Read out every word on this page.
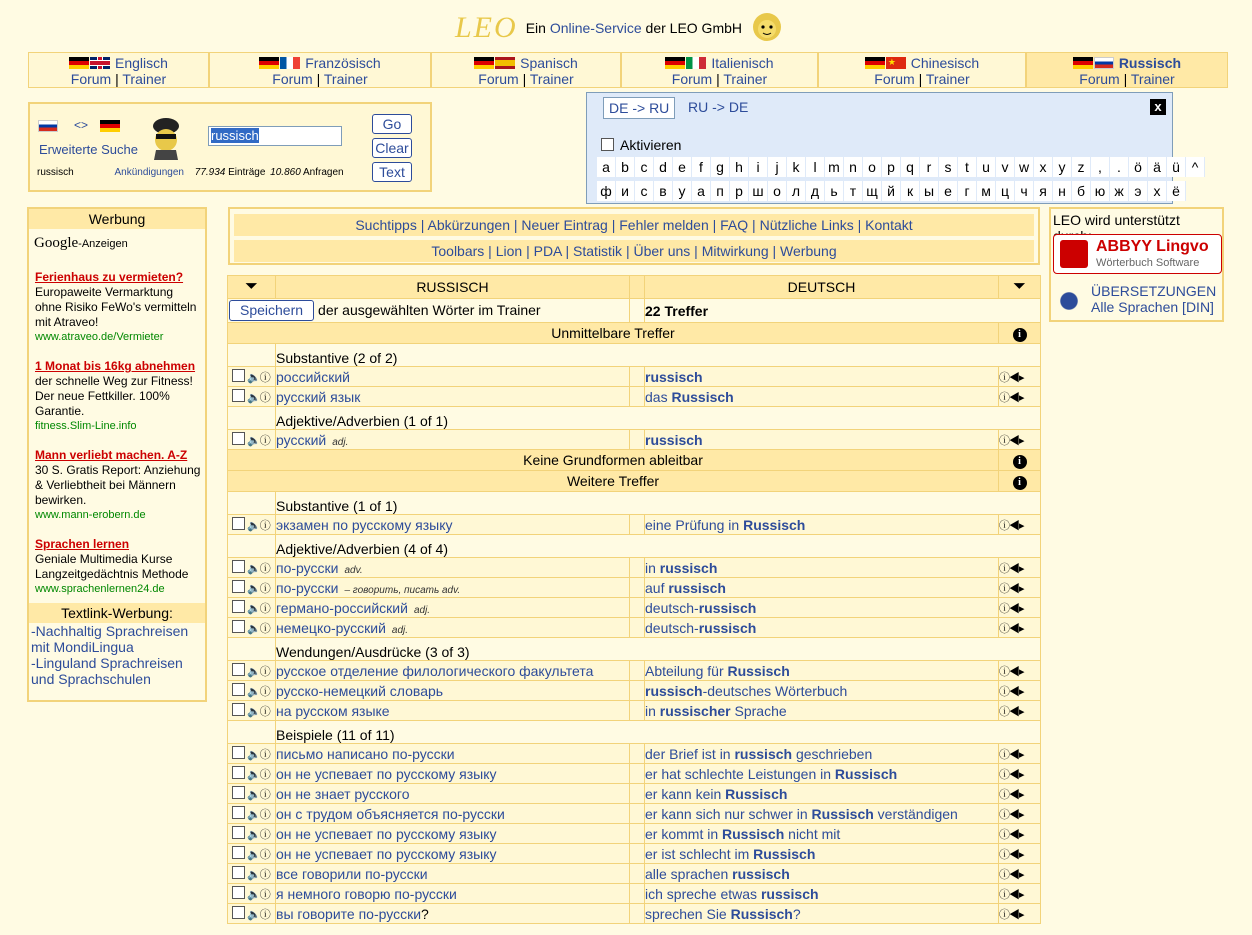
LEO Ein Online-Service der LEO GmbH
Englisch
Forum | Trainer
Französisch
Forum | Trainer
Spanisch
Forum | Trainer
Italienisch
Forum | Trainer
★ Chinesisch
Forum | Trainer
Russisch
Forum | Trainer
<>
Erweiterte Suche
russisch
Go
Clear
Text
russisch	Ankündigungen 77.934 Einträge 10.860 Anfragen
DE -> RU	RU -> DE	x
Aktivieren
a b c d e f g h i	j k l m n o p q r s t u v w x y z ,	. ö ä ü ^
ф и с в у а п р ш о л д ь т щ й к ы е г м ц ч я н б ю ж э х ё
Werbung
Google-Anzeigen
Ferienhaus zu vermieten?
Europaweite Vermarktung ohne Risiko FeWo's vermitteln mit Atraveo!
www.atraveo.de/Vermieter
1 Monat bis 16kg abnehmen
der schnelle Weg zur Fitness! Der neue Fettkiller. 100% Garantie.
fitness.Slim-Line.info
Mann verliebt machen. A-Z
30 S. Gratis Report: Anziehung & Verliebtheit bei Männern bewirken.
www.mann-erobern.de
Sprachen lernen
Geniale Multimedia Kurse Langzeitgedächtnis Methode
www.sprachenlernen24.de
Textlink-Werbung:
-Nachhaltig Sprachreisen mit MondiLingua
-Linguland Sprachreisen und Sprachschulen
LEO wird unterstützt
ABBYY Lingvo
Wörterbuch Software
ÜBERSETZUNGEN
Alle Sprachen [DIN]
Suchtipps | Abkürzungen | Neuer Eintrag | Fehler melden | FAQ | Nützliche Links | Kontakt
Toolbars | Lion | PDA | Statistik | Über uns | Mitwirkung | Werbung
⏷	RUSSISCH		DEUTSCH	⏷
Speichern der ausgewählten Wörter im Trainer			22 Treffer	
Unmittelbare Treffer				i
	Substantive (2 of 2)			
🔈ⓘ	российский		russisch	ⓘ◀▸
🔈ⓘ	русский язык		das Russisch	ⓘ◀▸
	Adjektive/Adverbien (1 of 1)			
🔈ⓘ	русский adj.		russisch	ⓘ◀▸
Keine Grundformen ableitbar				i
Weitere Treffer				i
	Substantive (1 of 1)			
🔈ⓘ	экзамен по русскому языку		eine Prüfung in Russisch	ⓘ◀▸
	Adjektive/Adverbien (4 of 4)			
🔈ⓘ	по-русски adv.		in russisch	ⓘ◀▸
🔈ⓘ	по-русски – говорить, писать adv.		auf russisch	ⓘ◀▸
🔈ⓘ	германо-российский adj.		deutsch-russisch	ⓘ◀▸
🔈ⓘ	немецко-русский adj.		deutsch-russisch	ⓘ◀▸
	Wendungen/Ausdrücke (3 of 3)			
🔈ⓘ	русское отделение филологического факультета		Abteilung für Russisch	ⓘ◀▸
🔈ⓘ	русско-немецкий словарь		russisch-deutsches Wörterbuch	ⓘ◀▸
🔈ⓘ	на русском языке		in russischer Sprache	ⓘ◀▸
	Beispiele (11 of 11)			
🔈ⓘ	письмо написано по-русски		der Brief ist in russisch geschrieben	ⓘ◀▸
🔈ⓘ	он не успевает по русскому языку		er hat schlechte Leistungen in Russisch	ⓘ◀▸
🔈ⓘ	он не знает русского		er kann kein Russisch	ⓘ◀▸
🔈ⓘ	он с трудом объясняется по-русски		er kann sich nur schwer in Russisch verständigen	ⓘ◀▸
🔈ⓘ	он не успевает по русскому языку		er kommt in Russisch nicht mit	ⓘ◀▸
🔈ⓘ	он не успевает по русскому языку		er ist schlecht im Russisch	ⓘ◀▸
🔈ⓘ	все говорили по-русски		alle sprachen russisch	ⓘ◀▸
🔈ⓘ	я немного говорю по-русски		ich spreche etwas russisch	ⓘ◀▸
🔈ⓘ	вы говорите по-русски?		sprechen Sie Russisch?	ⓘ◀▸
